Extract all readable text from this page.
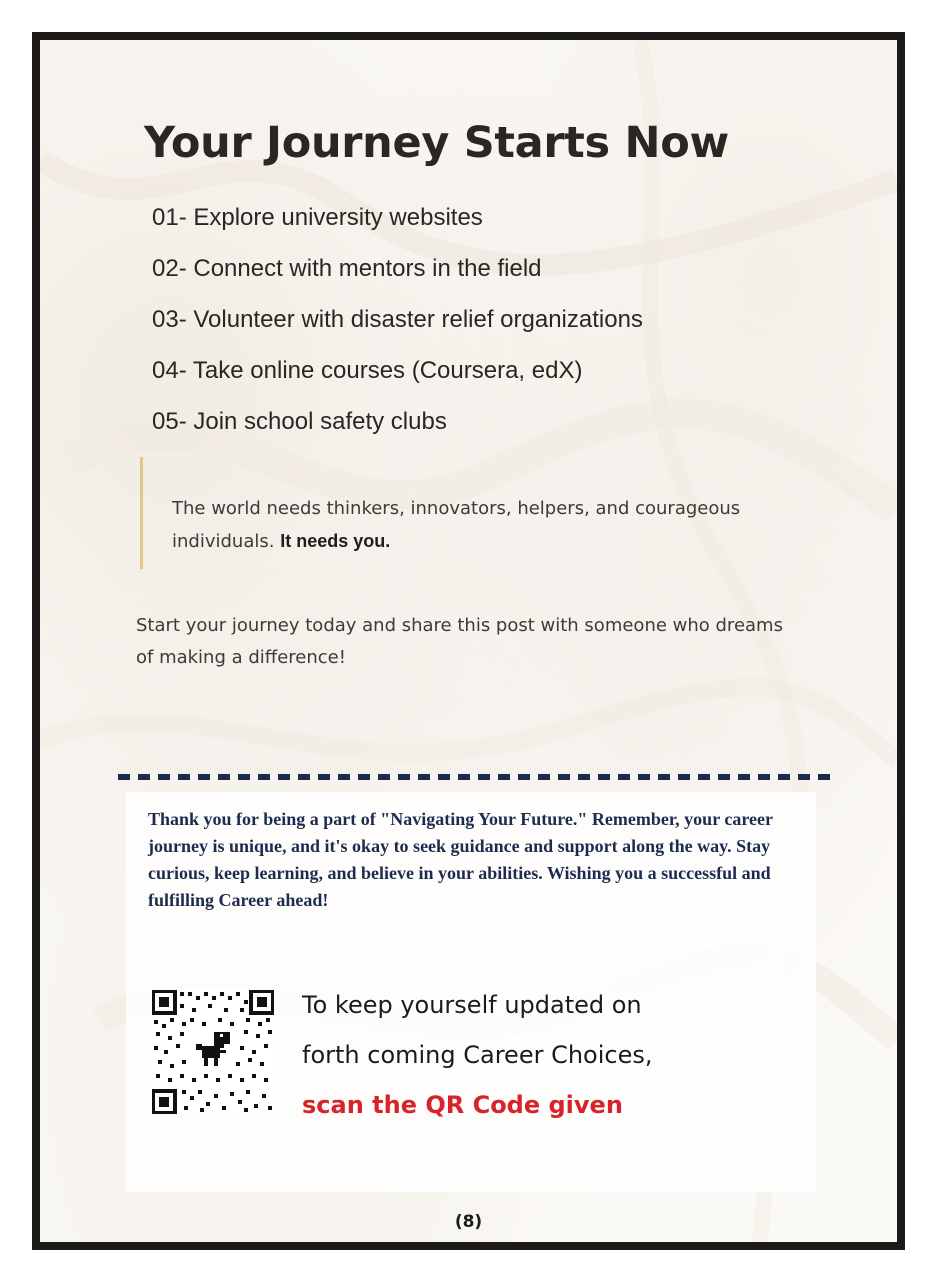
Your Journey Starts Now
01- Explore university websites
02- Connect with mentors in the field
03- Volunteer with disaster relief organizations
04- Take online courses (Coursera, edX)
05- Join school safety clubs

The world needs thinkers, innovators, helpers, and courageous individuals. It needs you.

Start your journey today and share this post with someone who dreams of making a difference!

Thank you for being a part of "Navigating Your Future." Remember, your career journey is unique, and it's okay to seek guidance and support along the way. Stay curious, keep learning, and believe in your abilities. Wishing you a successful and fulfilling Career ahead!

To keep yourself updated on
forth coming Career Choices,
scan the QR Code given

(8)
